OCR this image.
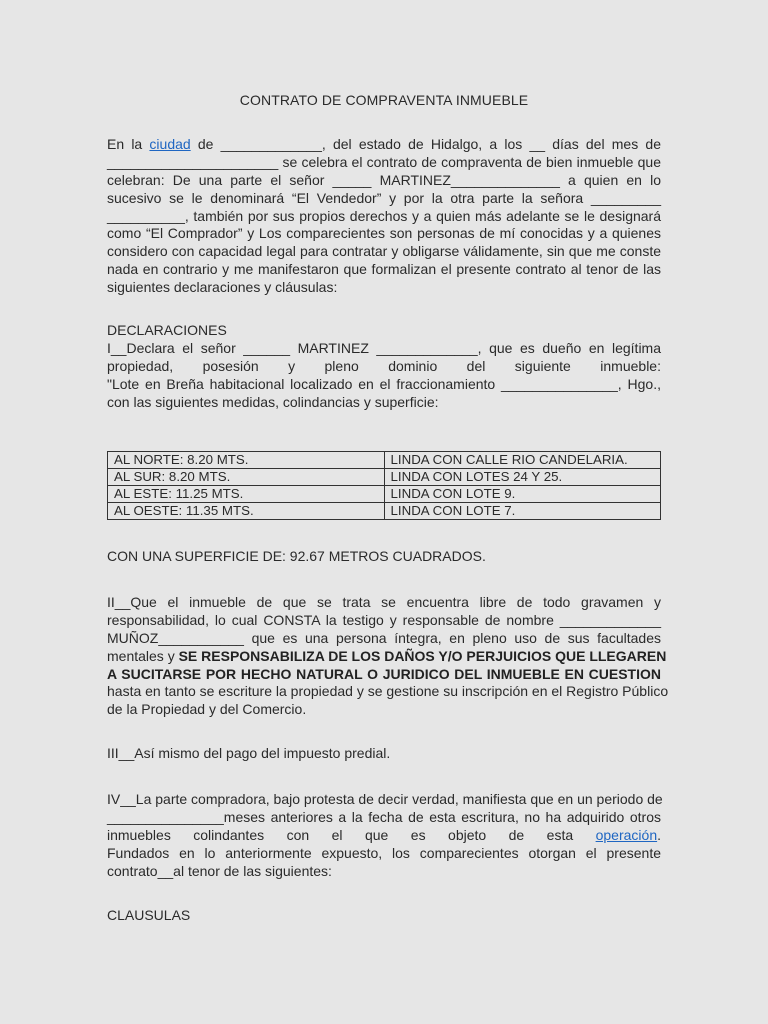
CONTRATO DE COMPRAVENTA INMUEBLE
En la ciudad de _____________, del estado de Hidalgo, a los __ días del mes de
______________________ se celebra el contrato de compraventa de bien inmueble que
celebran: De una parte el señor _____ MARTINEZ______________ a quien en lo
sucesivo se le denominará “El Vendedor” y por la otra parte la señora _________
__________, también por sus propios derechos y a quien más adelante se le designará
como “El Comprador” y Los comparecientes son personas de mí conocidas y a quienes
considero con capacidad legal para contratar y obligarse válidamente, sin que me conste
nada en contrario y me manifestaron que formalizan el presente contrato al tenor de las
siguientes declaraciones y cláusulas:
DECLARACIONES
I__Declara el señor ______ MARTINEZ _____________, que es dueño en legítima
propiedad, posesión y pleno dominio del siguiente inmueble:
"Lote en Breña habitacional localizado en el fraccionamiento _______________, Hgo.,
con las siguientes medidas, colindancias y superficie:
AL NORTE: 8.20 MTS.	LINDA CON CALLE RIO CANDELARIA.
AL SUR: 8.20 MTS.	LINDA CON LOTES 24 Y 25.
AL ESTE: 11.25 MTS.	LINDA CON LOTE 9.
AL OESTE: 11.35 MTS.	LINDA CON LOTE 7.
CON UNA SUPERFICIE DE: 92.67 METROS CUADRADOS.
II__Que el inmueble de que se trata se encuentra libre de todo gravamen y
responsabilidad, lo cual CONSTA la testigo y responsable de nombre _____________
MUÑOZ___________ que es una persona íntegra, en pleno uso de sus facultades
mentales y SE RESPONSABILIZA DE LOS DAÑOS Y/O PERJUICIOS QUE LLEGAREN
A SUCITARSE POR HECHO NATURAL O JURIDICO DEL INMUEBLE EN CUESTION
hasta en tanto se escriture la propiedad y se gestione su inscripción en el Registro Público
de la Propiedad y del Comercio.
III__Así mismo del pago del impuesto predial.
IV__La parte compradora, bajo protesta de decir verdad, manifiesta que en un periodo de
_______________meses anteriores a la fecha de esta escritura, no ha adquirido otros
inmuebles colindantes con el que es objeto de esta operación.
Fundados en lo anteriormente expuesto, los comparecientes otorgan el presente
contrato__al tenor de las siguientes:
CLAUSULAS
